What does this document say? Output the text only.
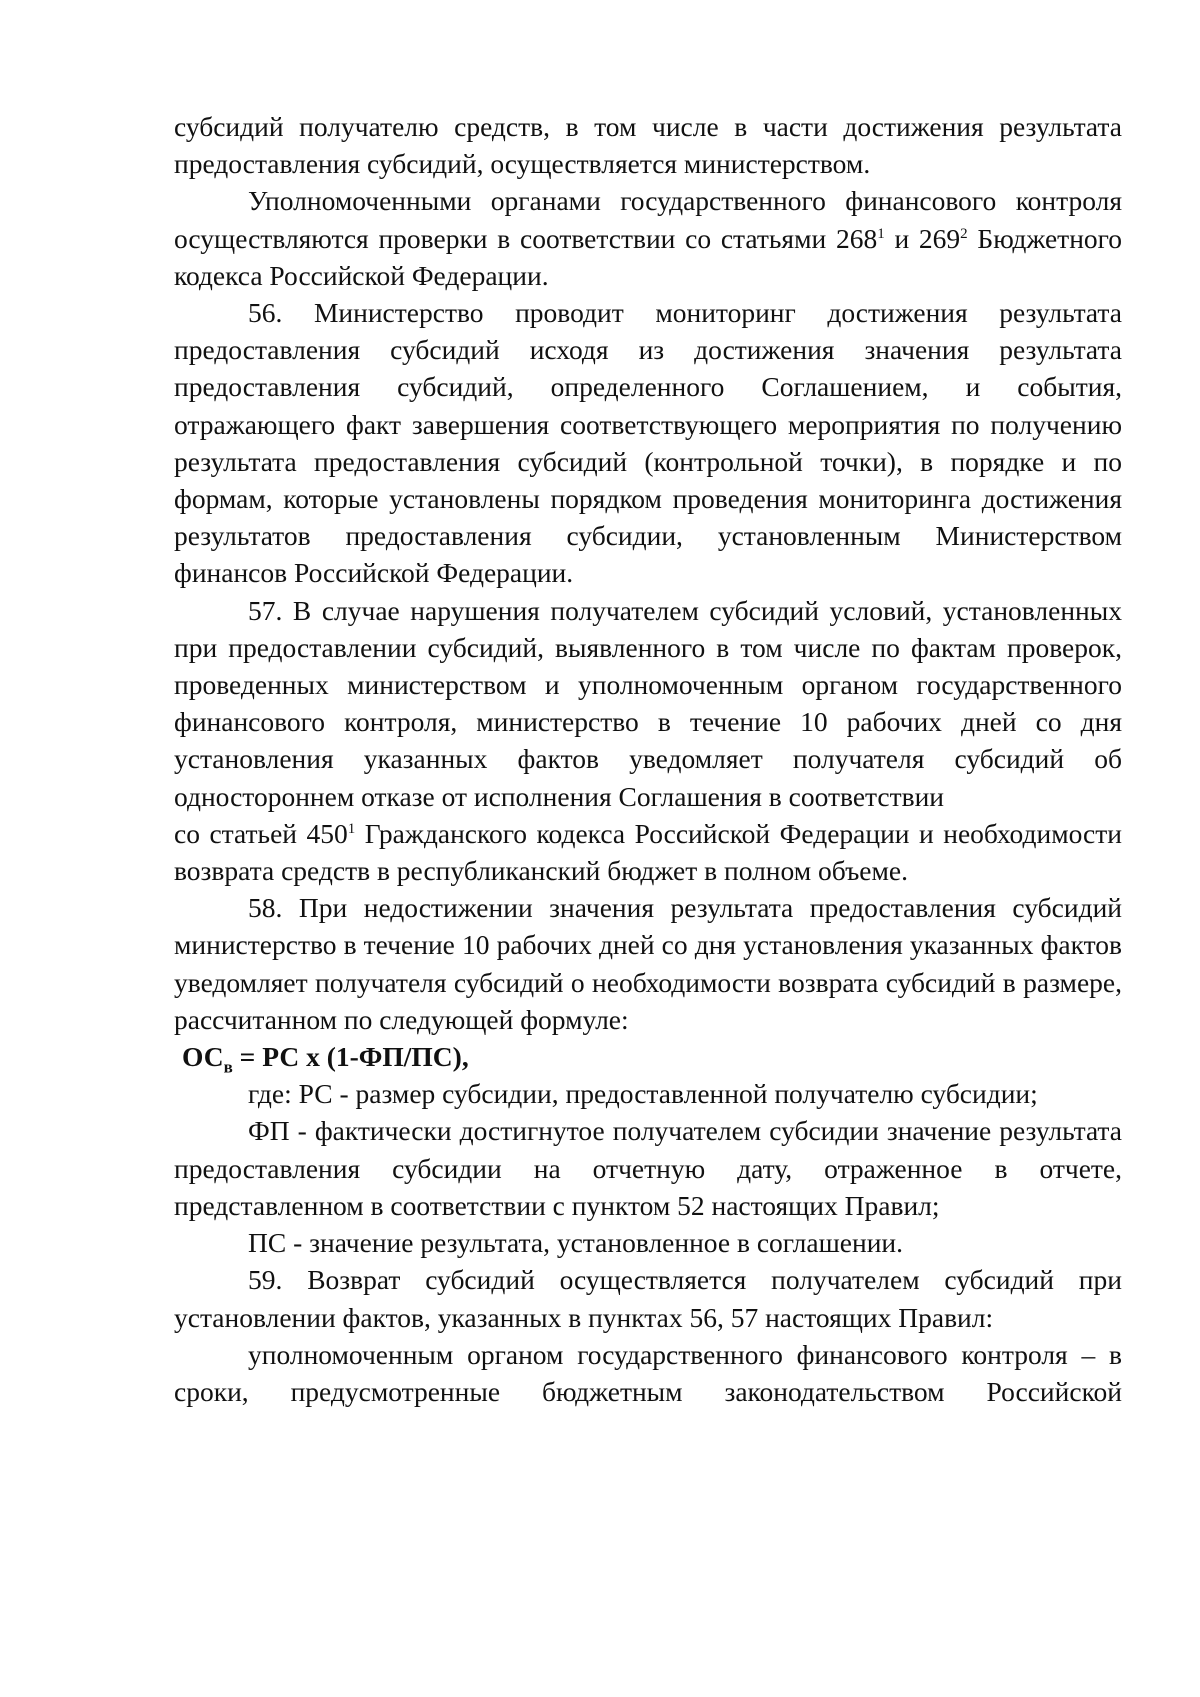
субсидий получателю средств, в том числе в части достижения результата предоставления субсидий, осуществляется министерством.

Уполномоченными органами государственного финансового контроля осуществляются проверки в соответствии со статьями $268^1$ и $269^2$ Бюджетного кодекса Российской Федерации.

56. Министерство проводит мониторинг достижения результата предоставления субсидий исходя из достижения значения результата предоставления субсидий, определенного Соглашением, и события, отражающего факт завершения соответствующего мероприятия по получению результата предоставления субсидий (контрольной точки), в порядке и по формам, которые установлены порядком проведения мониторинга достижения результатов предоставления субсидии, установленным Министерством финансов Российской Федерации.

57. В случае нарушения получателем субсидий условий, установленных при предоставлении субсидий, выявленного в том числе по фактам проверок, проведенных министерством и уполномоченным органом государственного финансового контроля, министерство в течение 10 рабочих дней со дня установления указанных фактов уведомляет получателя субсидий об одностороннем отказе от исполнения Соглашения в соответствии

со статьей $450^1$ Гражданского кодекса Российской Федерации и необходимости возврата средств в республиканский бюджет в полном объеме.

58. При недостижении значения результата предоставления субсидий министерство в течение 10 рабочих дней со дня установления указанных фактов уведомляет получателя субсидий о необходимости возврата субсидий в размере, рассчитанном по следующей формуле:

$ОС_в$ = РС х (1-ФП/ПС),

где: РС - размер субсидии, предоставленной получателю субсидии;

ФП - фактически достигнутое получателем субсидии значение результата предоставления субсидии на отчетную дату, отраженное в отчете, представленном в соответствии с пунктом 52 настоящих Правил;

ПС - значение результата, установленное в соглашении.

59. Возврат субсидий осуществляется получателем субсидий при установлении фактов, указанных в пунктах 56, 57 настоящих Правил:

уполномоченным органом государственного финансового контроля – в сроки, предусмотренные бюджетным законодательством Российской
